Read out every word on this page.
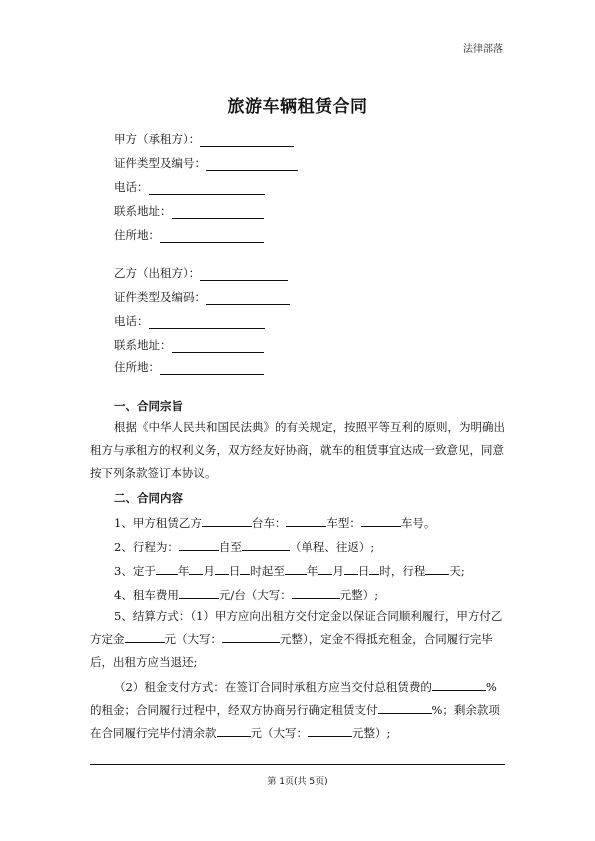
法律部落
旅游车辆租赁合同
甲方（承租方）：
证件类型及编号：
电话：
联系地址：
住所地：
乙方（出租方）：
证件类型及编码：
电话：
联系地址：
住所地：
一、合同宗旨
根据《中华人民共和国民法典》的有关规定，按照平等互利的原则，为明确出租方与承租方的权利义务，双方经友好协商，就车的租赁事宜达成一致意见，同意按下列条款签订本协议。
二、合同内容
1、甲方租赁乙方	台车：	车型：	车号。
2、行程为：	自至	（单程、往返）;
3、定于 年 月 日 时起至 年 月 日 时，行程 天;
4、租车费用	元/台（大写：	元整）;
5、结算方式：（1）甲方应向出租方交付定金以保证合同顺利履行，甲方付乙方定金	元（大写：	元整），定金不得抵充租金，合同履行完毕后，出租方应当退还;
（2）租金支付方式：在签订合同时承租方应当交付总租赁费的	%的租金；合同履行过程中，经双方协商另行确定租赁支付	%；剩余款项在合同履行完毕付清余款	元（大写：	元整）;
第 1页(共 5页)
